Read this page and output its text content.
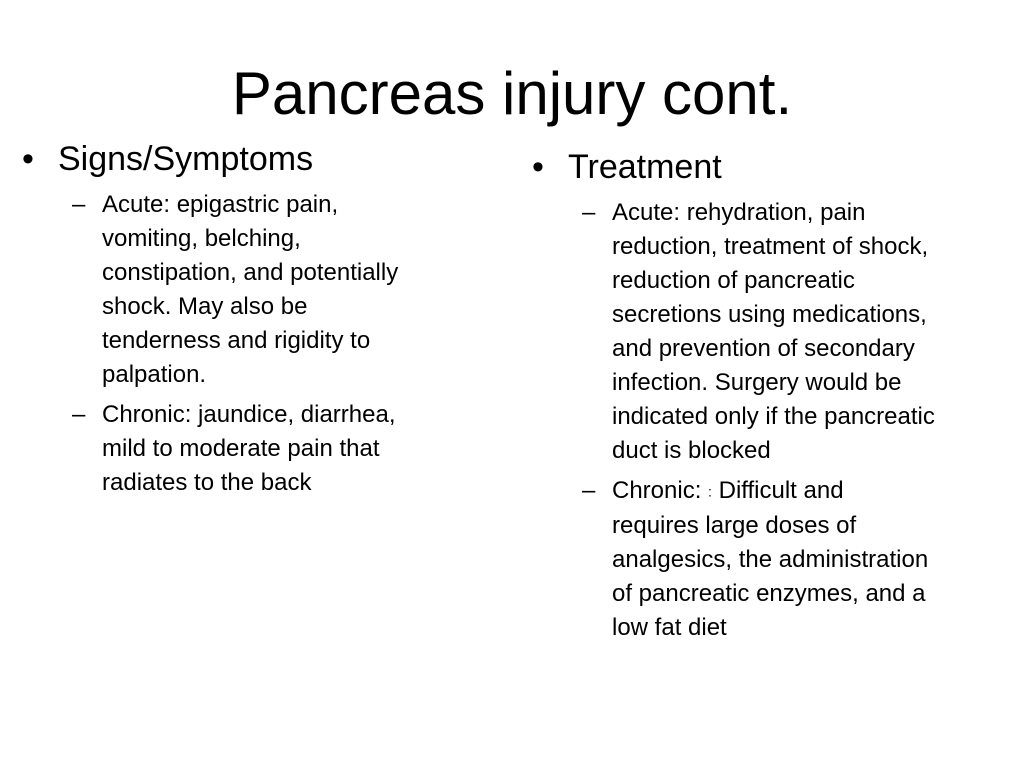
Pancreas injury cont.
• Signs/Symptoms
– Acute: epigastric pain,
vomiting, belching,
constipation, and potentially
shock. May also be
tenderness and rigidity to
palpation.
– Chronic: jaundice, diarrhea,
mild to moderate pain that
radiates to the back
• Treatment
– Acute: rehydration, pain
reduction, treatment of shock,
reduction of pancreatic
secretions using medications,
and prevention of secondary
infection. Surgery would be
indicated only if the pancreatic
duct is blocked
– Chronic: : Difficult and
requires large doses of
analgesics, the administration
of pancreatic enzymes, and a
low fat diet
